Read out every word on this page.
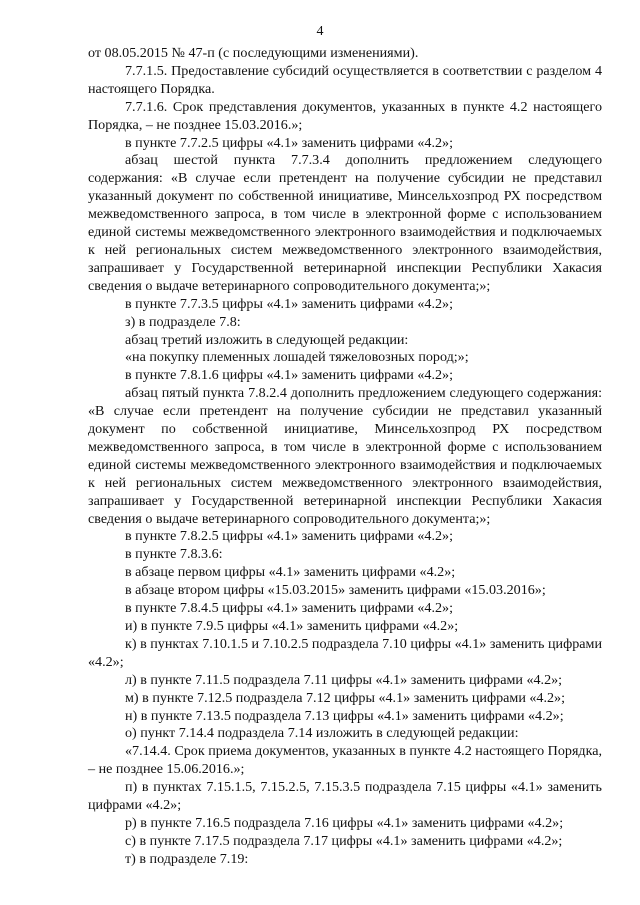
4

от 08.05.2015 № 47-п (с последующими изменениями).

7.7.1.5. Предоставление субсидий осуществляется в соответствии с разделом 4 настоящего Порядка.

7.7.1.6. Срок представления документов, указанных в пункте 4.2 настоящего Порядка, – не позднее 15.03.2016.»;

в пункте 7.7.2.5 цифры «4.1» заменить цифрами «4.2»;

абзац шестой пункта 7.7.3.4 дополнить предложением следующего содержания: «В случае если претендент на получение субсидии не представил указанный документ по собственной инициативе, Минсельхозпрод РХ посредством межведомственного запроса, в том числе в электронной форме с использованием единой системы межведомственного электронного взаимодействия и подключаемых к ней региональных систем межведомственного электронного взаимодействия, запрашивает у Государственной ветеринарной инспекции Республики Хакасия сведения о выдаче ветеринарного сопроводительного документа;»;

в пункте 7.7.3.5 цифры «4.1» заменить цифрами «4.2»;

з) в подразделе 7.8:

абзац третий изложить в следующей редакции:

«на покупку племенных лошадей тяжеловозных пород;»;

в пункте 7.8.1.6 цифры «4.1» заменить цифрами «4.2»;

абзац пятый пункта 7.8.2.4 дополнить предложением следующего содержания: «В случае если претендент на получение субсидии не представил указанный документ по собственной инициативе, Минсельхозпрод РХ посредством межведомственного запроса, в том числе в электронной форме с использованием единой системы межведомственного электронного взаимодействия и подключаемых к ней региональных систем межведомственного электронного взаимодействия, запрашивает у Государственной ветеринарной инспекции Республики Хакасия сведения о выдаче ветеринарного сопроводительного документа;»;

в пункте 7.8.2.5 цифры «4.1» заменить цифрами «4.2»;

в пункте 7.8.3.6:

в абзаце первом цифры «4.1» заменить цифрами «4.2»;

в абзаце втором цифры «15.03.2015» заменить цифрами «15.03.2016»;

в пункте 7.8.4.5 цифры «4.1» заменить цифрами «4.2»;

и) в пункте 7.9.5 цифры «4.1» заменить цифрами «4.2»;

к) в пунктах 7.10.1.5 и 7.10.2.5 подраздела 7.10 цифры «4.1» заменить цифрами «4.2»;

л) в пункте 7.11.5 подраздела 7.11 цифры «4.1» заменить цифрами «4.2»;

м) в пункте 7.12.5 подраздела 7.12 цифры «4.1» заменить цифрами «4.2»;

н) в пункте 7.13.5 подраздела 7.13 цифры «4.1» заменить цифрами «4.2»;

о) пункт 7.14.4 подраздела 7.14 изложить в следующей редакции:

«7.14.4. Срок приема документов, указанных в пункте 4.2 настоящего Порядка, – не позднее 15.06.2016.»;

п) в пунктах 7.15.1.5, 7.15.2.5, 7.15.3.5 подраздела 7.15 цифры «4.1» заменить цифрами «4.2»;

р) в пункте 7.16.5 подраздела 7.16 цифры «4.1» заменить цифрами «4.2»;

с) в пункте 7.17.5 подраздела 7.17 цифры «4.1» заменить цифрами «4.2»;

т) в подразделе 7.19:
